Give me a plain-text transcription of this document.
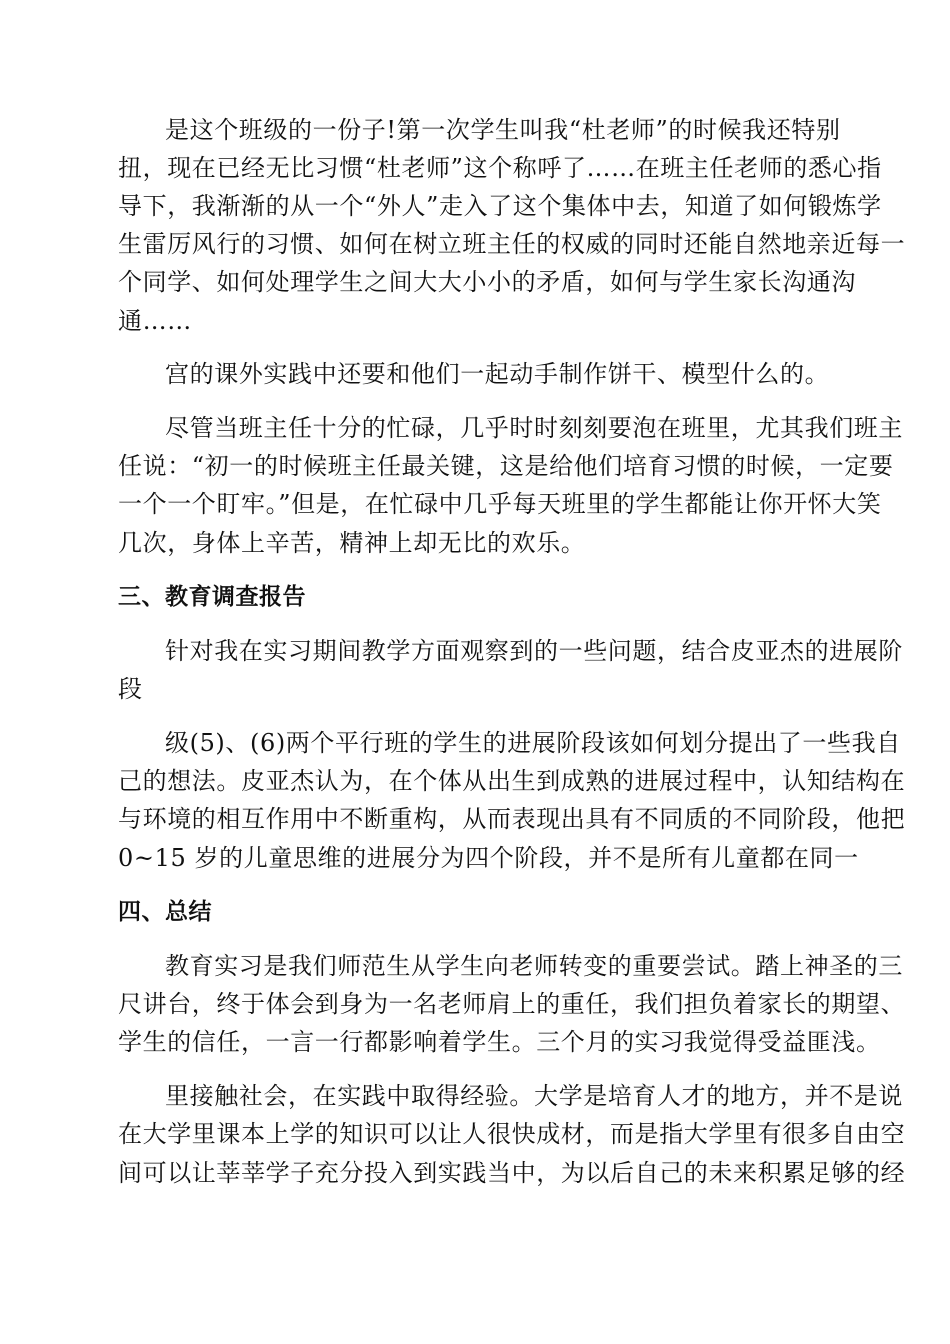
是这个班级的一份子!第一次学生叫我“杜老师”的时候我还特别
扭，现在已经无比习惯“杜老师”这个称呼了……在班主任老师的悉心指
导下，我渐渐的从一个“外人”走入了这个集体中去，知道了如何锻炼学
生雷厉风行的习惯、如何在树立班主任的权威的同时还能自然地亲近每一
个同学、如何处理学生之间大大小小的矛盾，如何与学生家长沟通沟
通……
宫的课外实践中还要和他们一起动手制作饼干、模型什么的。
尽管当班主任十分的忙碌，几乎时时刻刻要泡在班里，尤其我们班主
任说：“初一的时候班主任最关键，这是给他们培育习惯的时候，一定要
一个一个盯牢。”但是，在忙碌中几乎每天班里的学生都能让你开怀大笑
几次，身体上辛苦，精神上却无比的欢乐。
三、教育调查报告
针对我在实习期间教学方面观察到的一些问题，结合皮亚杰的进展阶
段
级(5)、(6)两个平行班的学生的进展阶段该如何划分提出了一些我自
己的想法。皮亚杰认为，在个体从出生到成熟的进展过程中，认知结构在
与环境的相互作用中不断重构，从而表现出具有不同质的不同阶段，他把
0~15 岁的儿童思维的进展分为四个阶段，并不是所有儿童都在同一
四、总结
教育实习是我们师范生从学生向老师转变的重要尝试。踏上神圣的三
尺讲台，终于体会到身为一名老师肩上的重任，我们担负着家长的期望、
学生的信任，一言一行都影响着学生。三个月的实习我觉得受益匪浅。
里接触社会，在实践中取得经验。大学是培育人才的地方，并不是说
在大学里课本上学的知识可以让人很快成材，而是指大学里有很多自由空
间可以让莘莘学子充分投入到实践当中，为以后自己的未来积累足够的经
